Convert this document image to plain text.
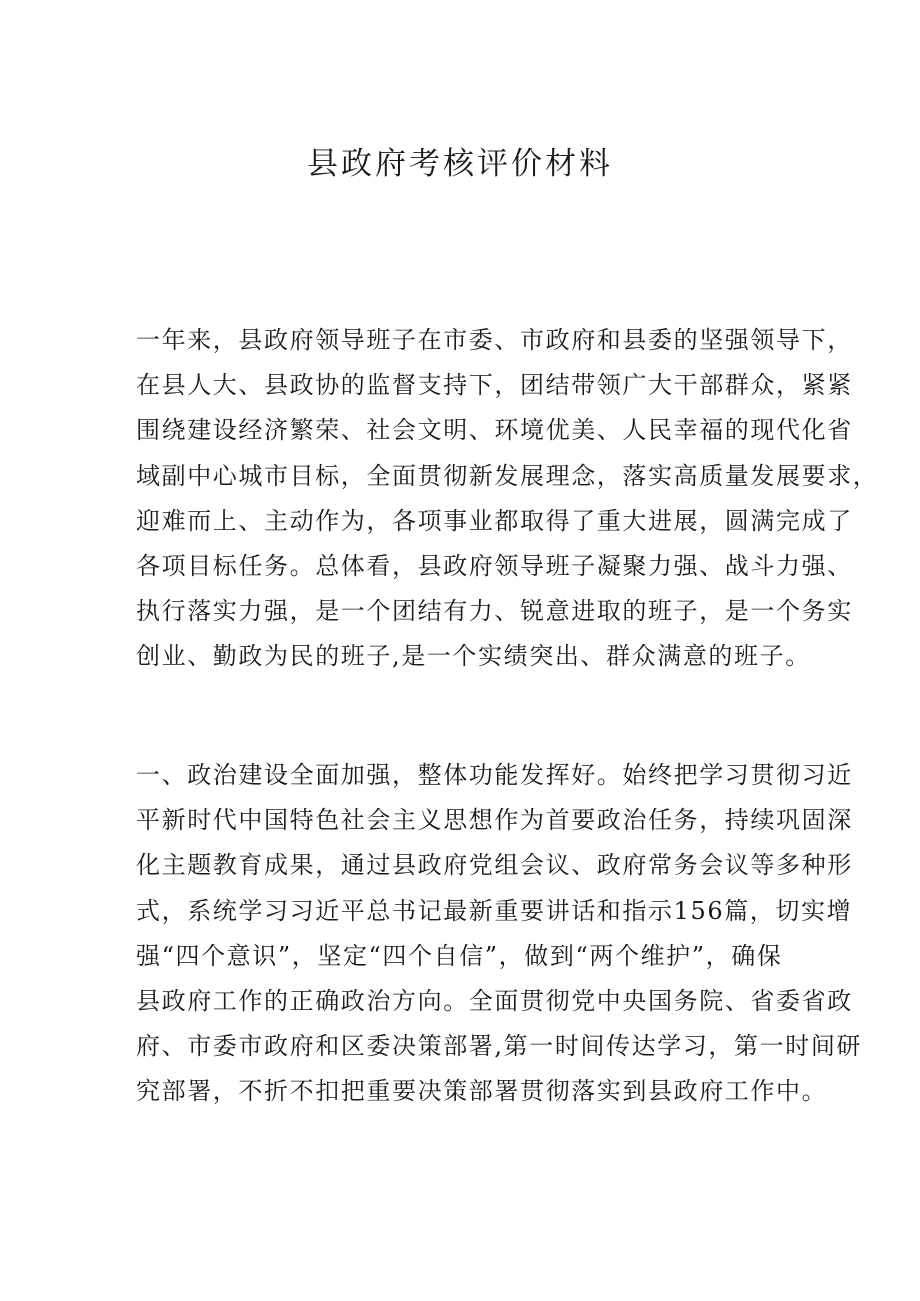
县政府考核评价材料

一年来，县政府领导班子在市委、市政府和县委的坚强领导下，
在县人大、县政协的监督支持下，团结带领广大干部群众，紧紧
围绕建设经济繁荣、社会文明、环境优美、人民幸福的现代化省
域副中心城市目标，全面贯彻新发展理念，落实高质量发展要求，
迎难而上、主动作为，各项事业都取得了重大进展，圆满完成了
各项目标任务。总体看，县政府领导班子凝聚力强、战斗力强、
执行落实力强，是一个团结有力、锐意进取的班子，是一个务实
创业、勤政为民的班子,是一个实绩突出、群众满意的班子。

一、政治建设全面加强，整体功能发挥好。始终把学习贯彻习近
平新时代中国特色社会主义思想作为首要政治任务，持续巩固深
化主题教育成果，通过县政府党组会议、政府常务会议等多种形
式，系统学习习近平总书记最新重要讲话和指示156篇，切实增
强“四个意识”，坚定“四个自信”，做到“两个维护”，确保
县政府工作的正确政治方向。全面贯彻党中央国务院、省委省政
府、市委市政府和区委决策部署,第一时间传达学习，第一时间研
究部署，不折不扣把重要决策部署贯彻落实到县政府工作中。
